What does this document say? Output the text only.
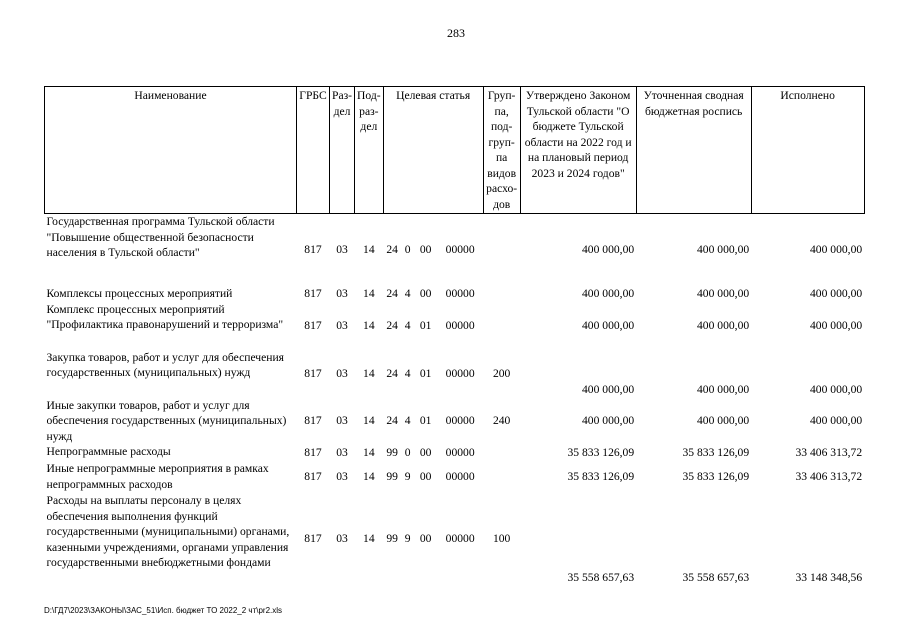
283
Наименование	ГРБС	Раз-дел	Под-раз-дел	Целевая статья				Груп-па, под-груп-па видов расхо-дов	Утверждено Законом Тульской области "О бюджете Тульской области на 2022 год и на плановый период 2023 и 2024 годов"	Уточненная сводная бюджетная роспись	Исполнено
Государственная программа Тульской области "Повышение общественной безопасности населения в Тульской области"	817	03	14	24	0	00	00000		400 000,00	400 000,00	400 000,00
Комплексы процессных мероприятий	817	03	14	24	4	00	00000		400 000,00	400 000,00	400 000,00
Комплекс процессных мероприятий "Профилактика правонарушений и терроризма"	817	03	14	24	4	01	00000		400 000,00	400 000,00	400 000,00
Закупка товаров, работ и услуг для обеспечения государственных (муниципальных) нужд	817	03	14	24	4	01	00000	200	400 000,00	400 000,00	400 000,00
Иные закупки товаров, работ и услуг для обеспечения государственных (муниципальных) нужд	817	03	14	24	4	01	00000	240	400 000,00	400 000,00	400 000,00
Непрограммные расходы	817	03	14	99	0	00	00000		35 833 126,09	35 833 126,09	33 406 313,72
Иные непрограммные мероприятия в рамках непрограммных расходов	817	03	14	99	9	00	00000		35 833 126,09	35 833 126,09	33 406 313,72
Расходы на выплаты персоналу в целях обеспечения выполнения функций государственными (муниципальными) органами, казенными учреждениями, органами управления государственными внебюджетными фондами	817	03	14	99	9	00	00000	100	35 558 657,63	35 558 657,63	33 148 348,56
D:\ГД7\2023\ЗАКОНЫ\ЗАС_51\Исп. бюджет ТО 2022_2 чт\pr2.xls
